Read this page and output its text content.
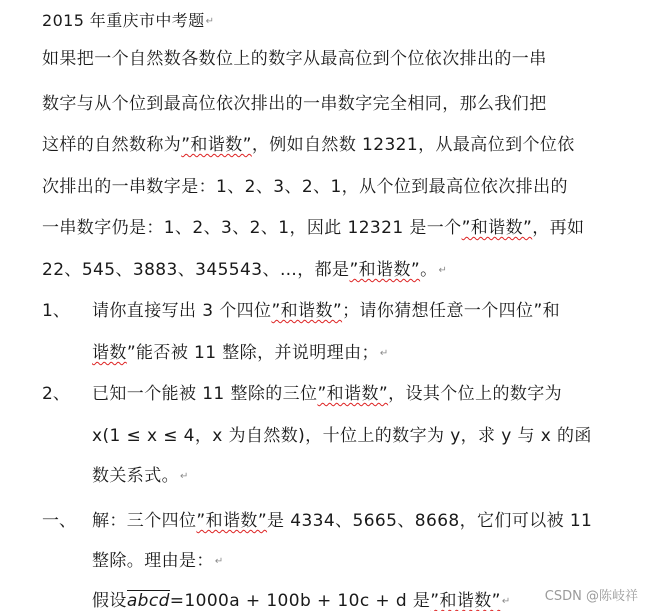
2015 年重庆市中考题↵
如果把一个自然数各数位上的数字从最高位到个位依次排出的一串
数字与从个位到最高位依次排出的一串数字完全相同，那么我们把
这样的自然数称为”和谐数”，例如自然数 12321，从最高位到个位依
次排出的一串数字是：1、2、3、2、1，从个位到最高位依次排出的
一串数字仍是：1、2、3、2、1，因此 12321 是一个”和谐数”，再如
22、545、3883、345543、…，都是”和谐数”。↵
1、 请你直接写出 3 个四位”和谐数”；请你猜想任意一个四位”和
谐数”能否被 11 整除，并说明理由；↵
2、 已知一个能被 11 整除的三位”和谐数”，设其个位上的数字为
x(1 ≤ x ≤ 4，x 为自然数)，十位上的数字为 y，求 y 与 x 的函
数关系式。↵
一、 解：三个四位”和谐数”是 4334、5665、8668，它们可以被 11
整除。理由是：↵
假设abcd=1000a + 100b + 10c + d 是”和谐数”↵	CSDN @陈岐祥
